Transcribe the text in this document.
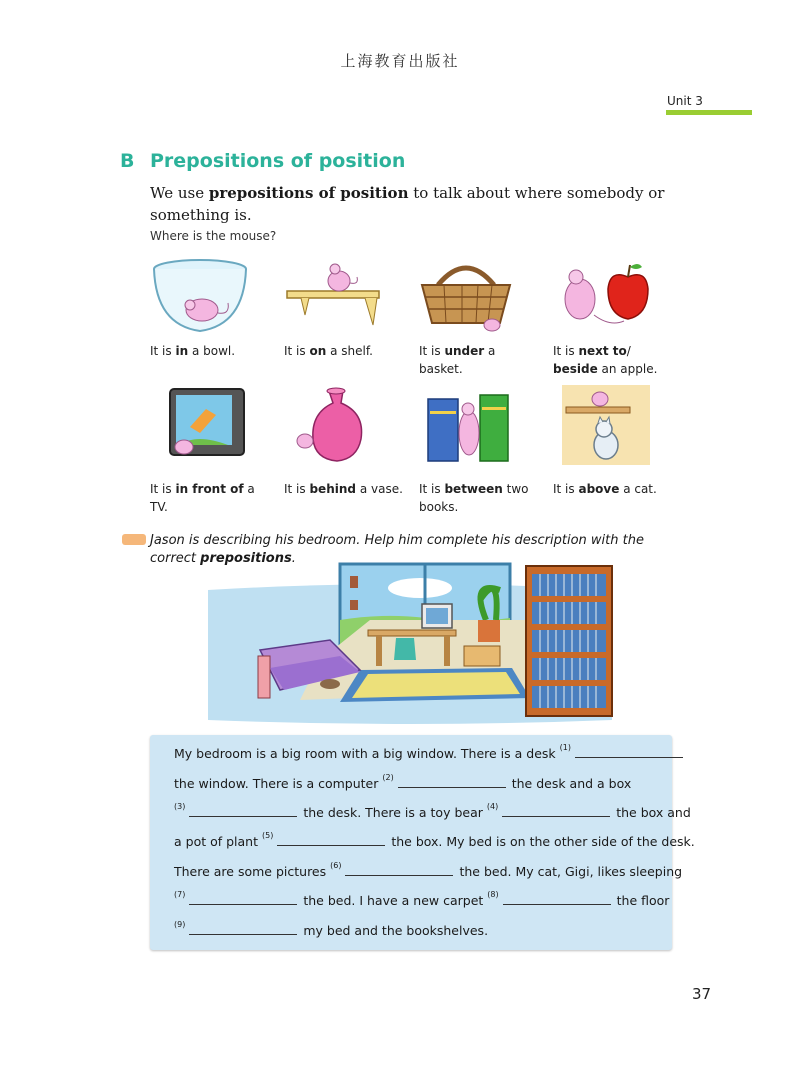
上海教育出版社
Unit 3
B Prepositions of position
We use prepositions of position to talk about where somebody or something is.
Where is the mouse?
It is in a bowl.	It is on a shelf.	It is under a basket.
It is next to/ beside an apple.
It is in front of a TV.
It is behind a vase.	It is between two books.
It is above a cat.
Jason is describing his bedroom. Help him complete his description with the correct prepositions.
My bedroom is a big room with a big window. There is a desk $^{(1)}$
the window. There is a computer $^{(2)}$	the desk and a box
$^{(3)}$	the desk. There is a toy bear $^{(4)}$	the box and
a pot of plant $^{(5)}$	the box. My bed is on the other side of the desk.
There are some pictures $^{(6)}$	the bed. My cat, Gigi, likes sleeping
$^{(7)}$	the bed. I have a new carpet $^{(8)}$	the floor
$^{(9)}$	my bed and the bookshelves.
37
